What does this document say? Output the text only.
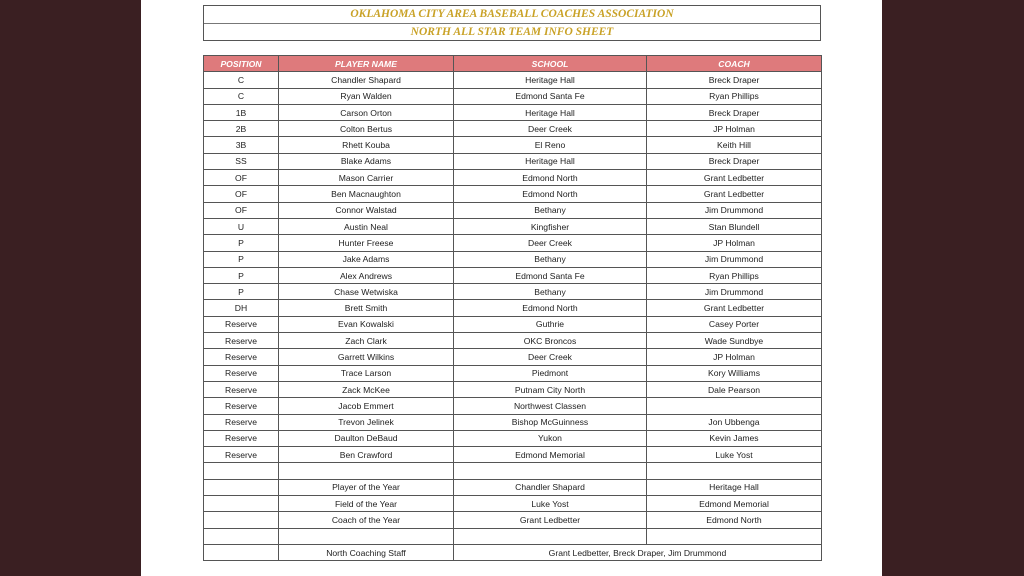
OKLAHOMA CITY AREA BASEBALL COACHES ASSOCIATION
NORTH ALL STAR TEAM INFO SHEET
POSITION	PLAYER NAME	SCHOOL	COACH
C	Chandler Shapard	Heritage Hall	Breck Draper
C	Ryan Walden	Edmond Santa Fe	Ryan Phillips
1B	Carson Orton	Heritage Hall	Breck Draper
2B	Colton Bertus	Deer Creek	JP Holman
3B	Rhett Kouba	El Reno	Keith Hill
SS	Blake Adams	Heritage Hall	Breck Draper
OF	Mason Carrier	Edmond North	Grant Ledbetter
OF	Ben Macnaughton	Edmond North	Grant Ledbetter
OF	Connor Walstad	Bethany	Jim Drummond
U	Austin Neal	Kingfisher	Stan Blundell
P	Hunter Freese	Deer Creek	JP Holman
P	Jake Adams	Bethany	Jim Drummond
P	Alex Andrews	Edmond Santa Fe	Ryan Phillips
P	Chase Wetwiska	Bethany	Jim Drummond
DH	Brett Smith	Edmond North	Grant Ledbetter
Reserve	Evan Kowalski	Guthrie	Casey Porter
Reserve	Zach Clark	OKC Broncos	Wade Sundbye
Reserve	Garrett Wilkins	Deer Creek	JP Holman
Reserve	Trace Larson	Piedmont	Kory Williams
Reserve	Zack McKee	Putnam City North	Dale Pearson
Reserve	Jacob Emmert	Northwest Classen	
Reserve	Trevon Jelinek	Bishop McGuinness	Jon Ubbenga
Reserve	Daulton DeBaud	Yukon	Kevin James
Reserve	Ben Crawford	Edmond Memorial	Luke Yost

	Player of the Year	Chandler Shapard	Heritage Hall
	Field of the Year	Luke Yost	Edmond Memorial
	Coach of the Year	Grant Ledbetter	Edmond North

	North Coaching Staff	Grant Ledbetter, Breck Draper, Jim Drummond	
